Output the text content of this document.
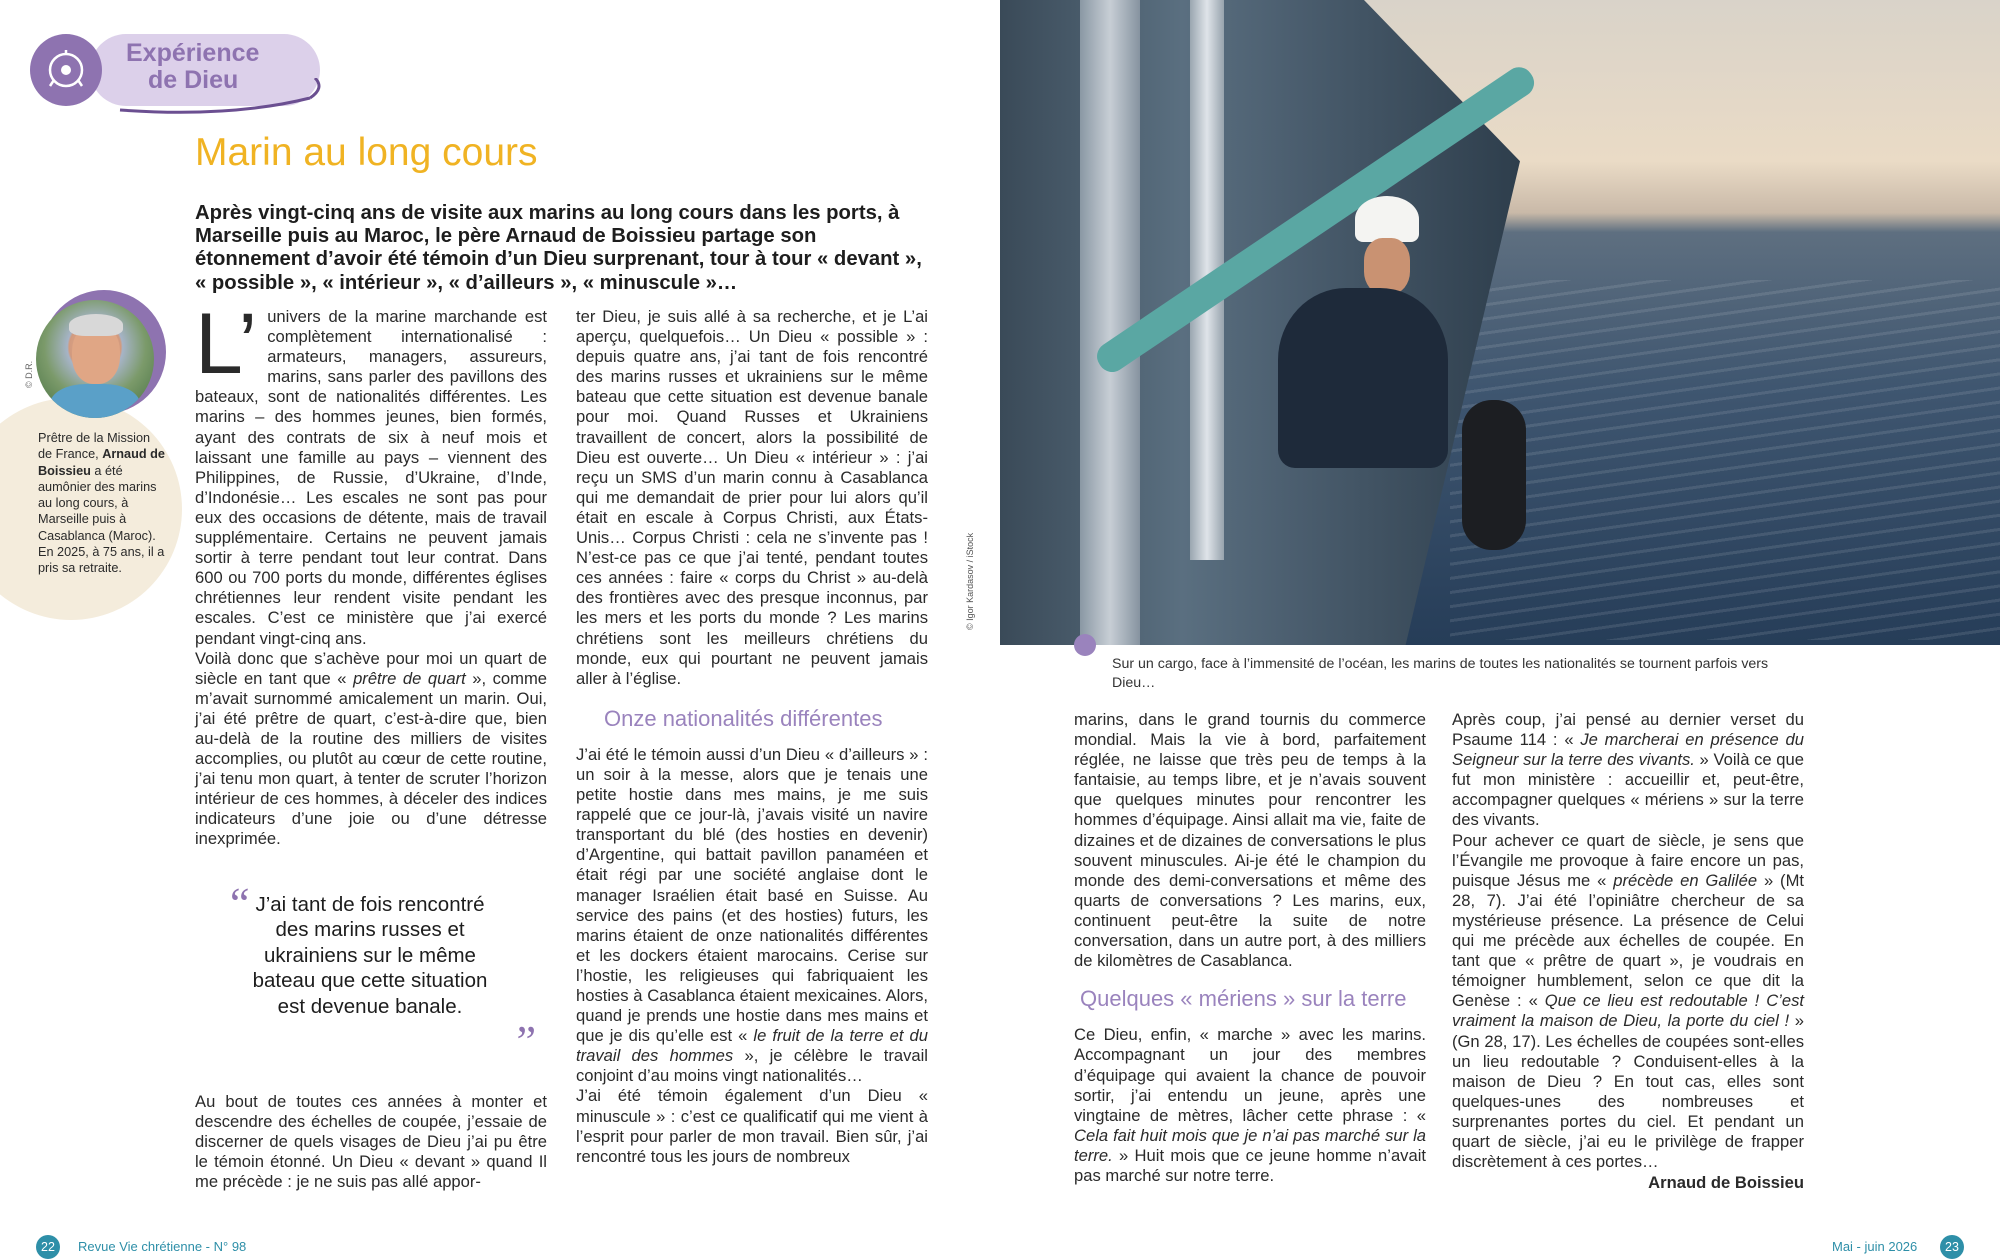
Expérience
de Dieu
Marin au long cours
Après vingt-cinq ans de visite aux marins au long cours dans les ports, à Marseille puis au Maroc, le père Arnaud de Boissieu partage son étonnement d’avoir été témoin d’un Dieu surprenant, tour à tour « devant », « possible », « intérieur », « d’ailleurs », « minuscule »…
© D.R.
Prêtre de la Mission de France, Arnaud de Boissieu a été aumônier des marins au long cours, à Marseille puis à Casablanca (Maroc). En 2025, à 75 ans, il a pris sa retraite.
L’ univers de la marine marchande est complètement internationalisé : armateurs, managers, assureurs, marins, sans parler des pavillons des bateaux, sont de nationalités différentes. Les marins – des hommes jeunes, bien formés, ayant des contrats de six à neuf mois et laissant une famille au pays – viennent des Philippines, de Russie, d’Ukraine, d’Inde, d’Indonésie… Les escales ne sont pas pour eux des occasions de détente, mais de travail supplémentaire. Certains ne peuvent jamais sortir à terre pendant tout leur contrat. Dans 600 ou 700 ports du monde, différentes églises chrétiennes leur rendent visite pendant les escales. C’est ce ministère que j’ai exercé pendant vingt-cinq ans.

Voilà donc que s’achève pour moi un quart de siècle en tant que « prêtre de quart », comme m’avait surnommé amicalement un marin. Oui, j’ai été prêtre de quart, c’est-à-dire que, bien au-delà de la routine des milliers de visites accomplies, ou plutôt au cœur de cette routine, j’ai tenu mon quart, à tenter de scruter l’horizon intérieur de ces hommes, à déceler des indices indicateurs d’une joie ou d’une détresse inexprimée.

“ J’ai tant de fois rencontré des marins russes et ukrainiens sur le même bateau que cette situation est devenue banale.
”

Au bout de toutes ces années à monter et descendre des échelles de coupée, j’essaie de discerner de quels visages de Dieu j’ai pu être le témoin étonné. Un Dieu « devant » quand Il me précède : je ne suis pas allé appor-

ter Dieu, je suis allé à sa recherche, et je L’ai aperçu, quelquefois… Un Dieu « possible » : depuis quatre ans, j’ai tant de fois rencontré des marins russes et ukrainiens sur le même bateau que cette situation est devenue banale pour moi. Quand Russes et Ukrainiens travaillent de concert, alors la possibilité de Dieu est ouverte… Un Dieu « intérieur » : j’ai reçu un SMS d’un marin connu à Casablanca qui me demandait de prier pour lui alors qu’il était en escale à Corpus Christi, aux États-Unis… Corpus Christi : cela ne s’invente pas ! N’est-ce pas ce que j’ai tenté, pendant toutes ces années : faire « corps du Christ » au-delà des frontières avec des presque inconnus, par les mers et les ports du monde ? Les marins chrétiens sont les meilleurs chrétiens du monde, eux qui pourtant ne peuvent jamais aller à l’église.

Onze nationalités différentes

J’ai été le témoin aussi d’un Dieu « d’ailleurs » : un soir à la messe, alors que je tenais une petite hostie dans mes mains, je me suis rappelé que ce jour-là, j’avais visité un navire transportant du blé (des hosties en devenir) d’Argentine, qui battait pavillon panaméen et était régi par une société anglaise dont le manager Israélien était basé en Suisse. Au service des pains (et des hosties) futurs, les marins étaient de onze nationalités différentes et les dockers étaient marocains. Cerise sur l’hostie, les religieuses qui fabriquaient les hosties à Casablanca étaient mexicaines. Alors, quand je prends une hostie dans mes mains et que je dis qu’elle est « le fruit de la terre et du travail des hommes », je célèbre le travail conjoint d’au moins vingt nationalités…

J’ai été témoin également d’un Dieu « minuscule » : c’est ce qualificatif qui me vient à l’esprit pour parler de mon travail. Bien sûr, j’ai rencontré tous les jours de nombreux

© Igor Kardasov / iStock
Sur un cargo, face à l’immensité de l’océan, les marins de toutes les nationalités se tournent parfois vers Dieu…

marins, dans le grand tournis du commerce mondial. Mais la vie à bord, parfaitement réglée, ne laisse que très peu de temps à la fantaisie, au temps libre, et je n’avais souvent que quelques minutes pour rencontrer les hommes d’équipage. Ainsi allait ma vie, faite de dizaines et de dizaines de conversations le plus souvent minuscules. Ai-je été le champion du monde des demi-conversations et même des quarts de conversations ? Les marins, eux, continuent peut-être la suite de notre conversation, dans un autre port, à des milliers de kilomètres de Casablanca.

Quelques « mériens » sur la terre

Ce Dieu, enfin, « marche » avec les marins. Accompagnant un jour des membres d’équipage qui avaient la chance de pouvoir sortir, j’ai entendu un jeune, après une vingtaine de mètres, lâcher cette phrase : « Cela fait huit mois que je n’ai pas marché sur la terre. » Huit mois que ce jeune homme n’avait pas marché sur notre terre.

Après coup, j’ai pensé au dernier verset du Psaume 114 : « Je marcherai en présence du Seigneur sur la terre des vivants. » Voilà ce que fut mon ministère : accueillir et, peut-être, accompagner quelques « mériens » sur la terre des vivants.

Pour achever ce quart de siècle, je sens que l’Évangile me provoque à faire encore un pas, puisque Jésus me « précède en Galilée » (Mt 28, 7). J’ai été l’opiniâtre chercheur de sa mystérieuse présence. La présence de Celui qui me précède aux échelles de coupée. En tant que « prêtre de quart », je voudrais en témoigner humblement, selon ce que dit la Genèse : « Que ce lieu est redoutable ! C’est vraiment la maison de Dieu, la porte du ciel ! » (Gn 28, 17). Les échelles de coupées sont-elles un lieu redoutable ? Conduisent-elles à la maison de Dieu ? En tout cas, elles sont quelques-unes des nombreuses et surprenantes portes du ciel. Et pendant un quart de siècle, j’ai eu le privilège de frapper discrètement à ces portes…

Arnaud de Boissieu
22	Revue Vie chrétienne - N° 98	Mai - juin 2026	23
